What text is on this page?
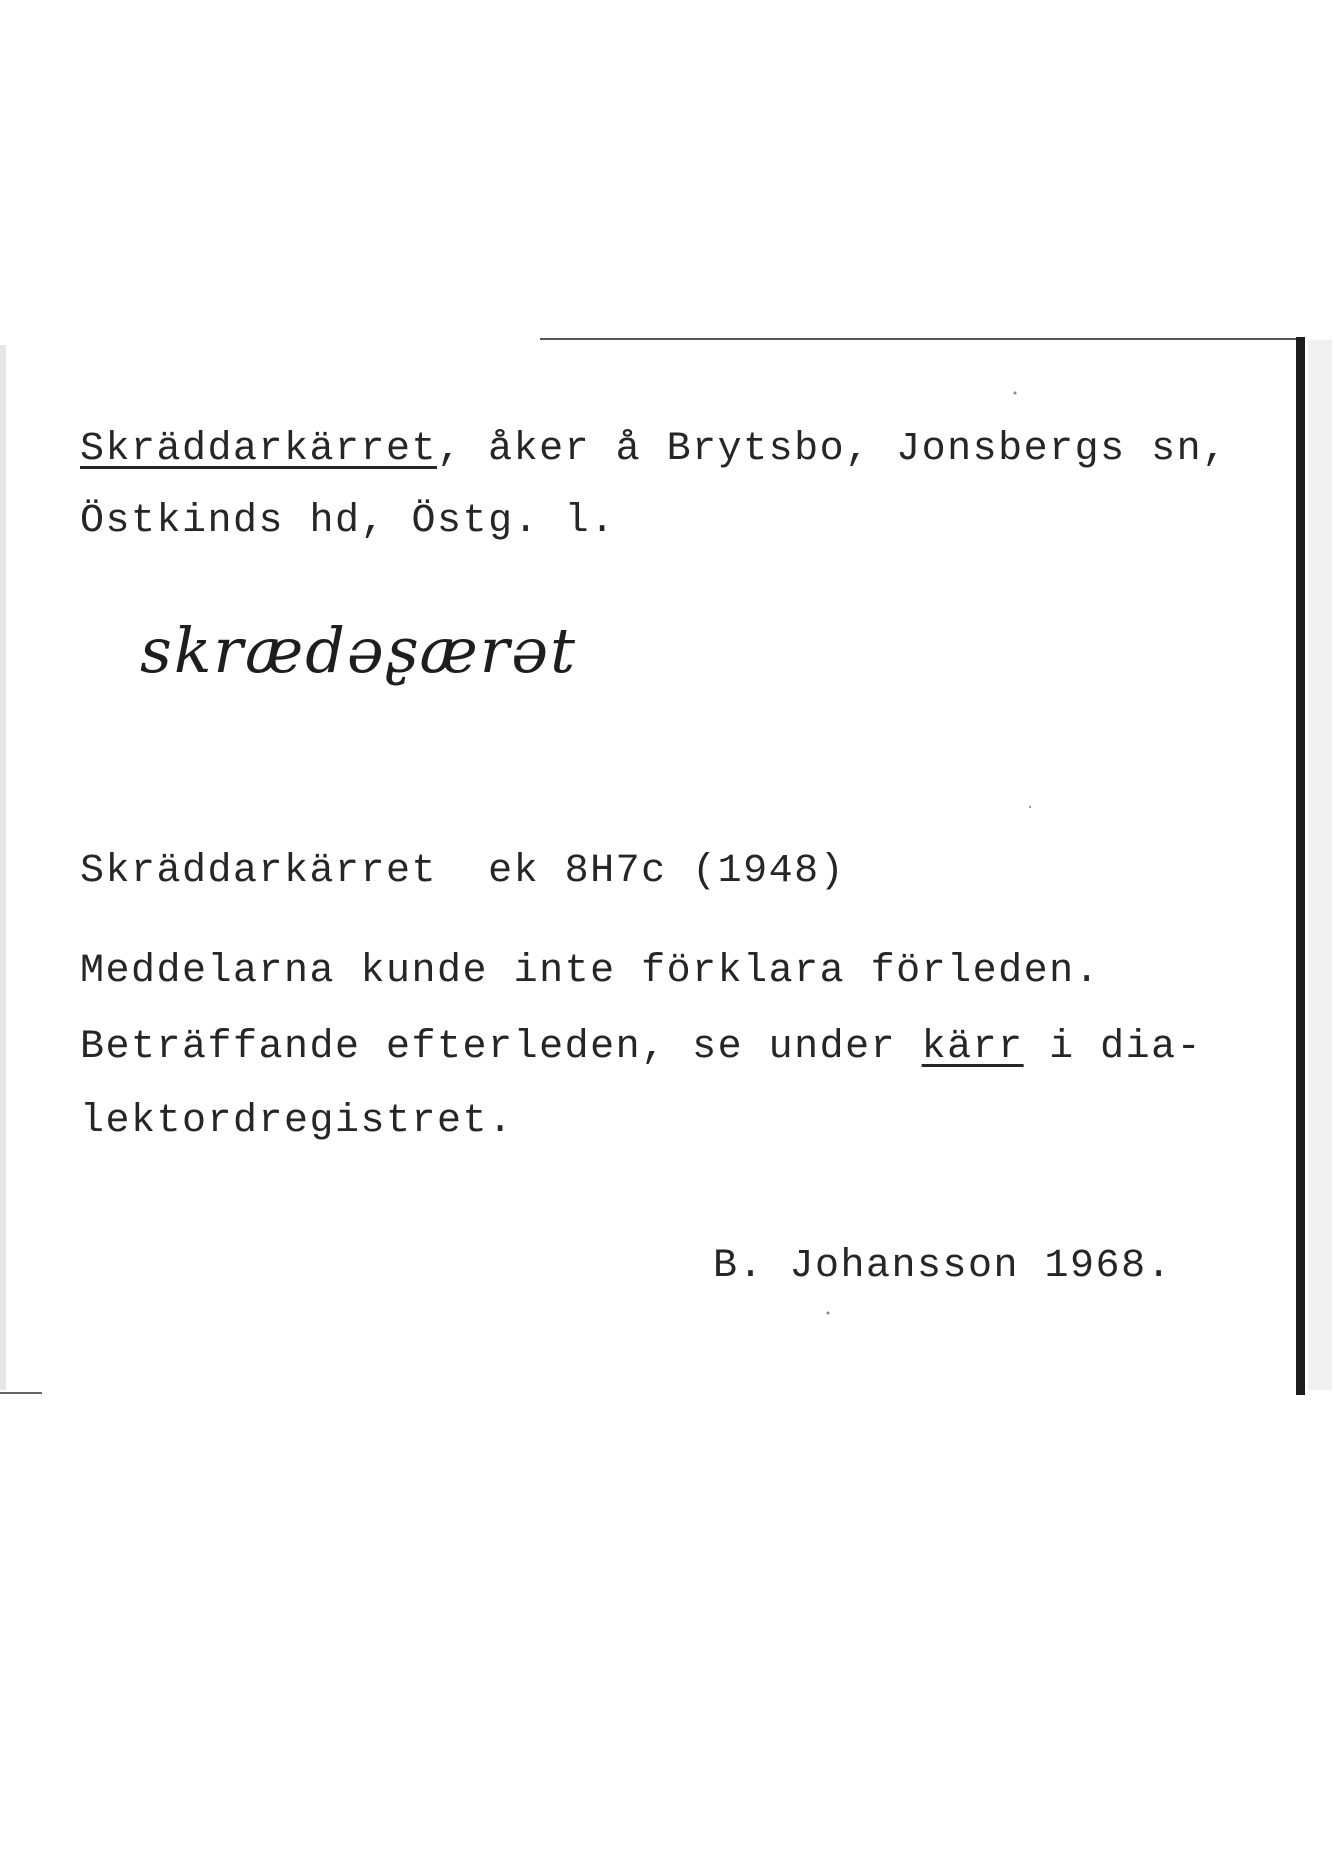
Skräddarkärret, åker å Brytsbo, Jonsbergs sn,

Östkinds hd, Östg. l.

skrædəʂærət

Skräddarkärret  ek 8H7c (1948)

Meddelarna kunde inte förklara förleden.

Beträffande efterleden, se under kärr i dia-

lektordregistret.

B. Johansson 1968.
